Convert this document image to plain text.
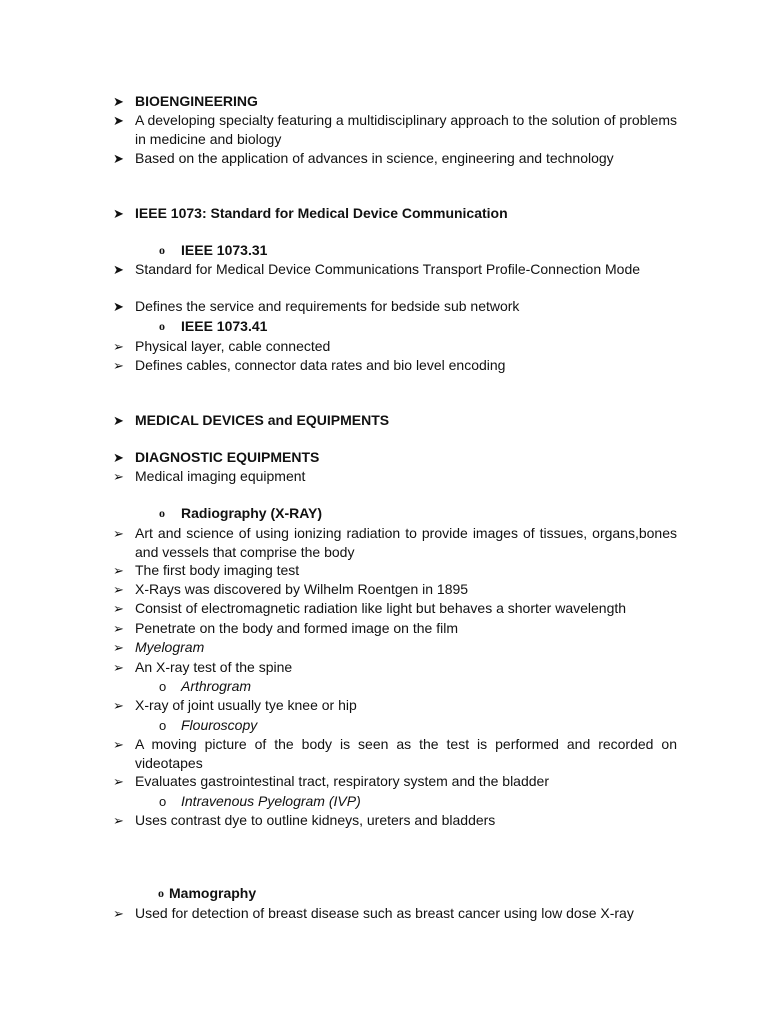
➤ BIOENGINEERING
➤ A developing specialty featuring a multidisciplinary approach to the solution of problems in medicine and biology
➤ Based on the application of advances in science, engineering and technology
➤ IEEE 1073: Standard for Medical Device Communication
o IEEE 1073.31
➤ Standard for Medical Device Communications Transport Profile-Connection Mode
➤ Defines the service and requirements for bedside sub network
o IEEE 1073.41
➢ Physical layer, cable connected
➢ Defines cables, connector data rates and bio level encoding
➤ MEDICAL DEVICES and EQUIPMENTS
➤ DIAGNOSTIC EQUIPMENTS
➢ Medical imaging equipment
o Radiography (X-RAY)
➢ Art and science of using ionizing radiation to provide images of tissues, organs,bones and vessels that comprise the body
➢ The first body imaging test
➢ X-Rays was discovered by Wilhelm Roentgen in 1895
➢ Consist of electromagnetic radiation like light but behaves a shorter wavelength
➢ Penetrate on the body and formed image on the film
➢ Myelogram
➢ An X-ray test of the spine
o Arthrogram
➢ X-ray of joint usually tye knee or hip
o Flouroscopy
➢ A moving picture of the body is seen as the test is performed and recorded on videotapes
➢ Evaluates gastrointestinal tract, respiratory system and the bladder
o Intravenous Pyelogram (IVP)
➢ Uses contrast dye to outline kidneys, ureters and bladders
o Mamography
➢ Used for detection of breast disease such as breast cancer using low dose X-ray
